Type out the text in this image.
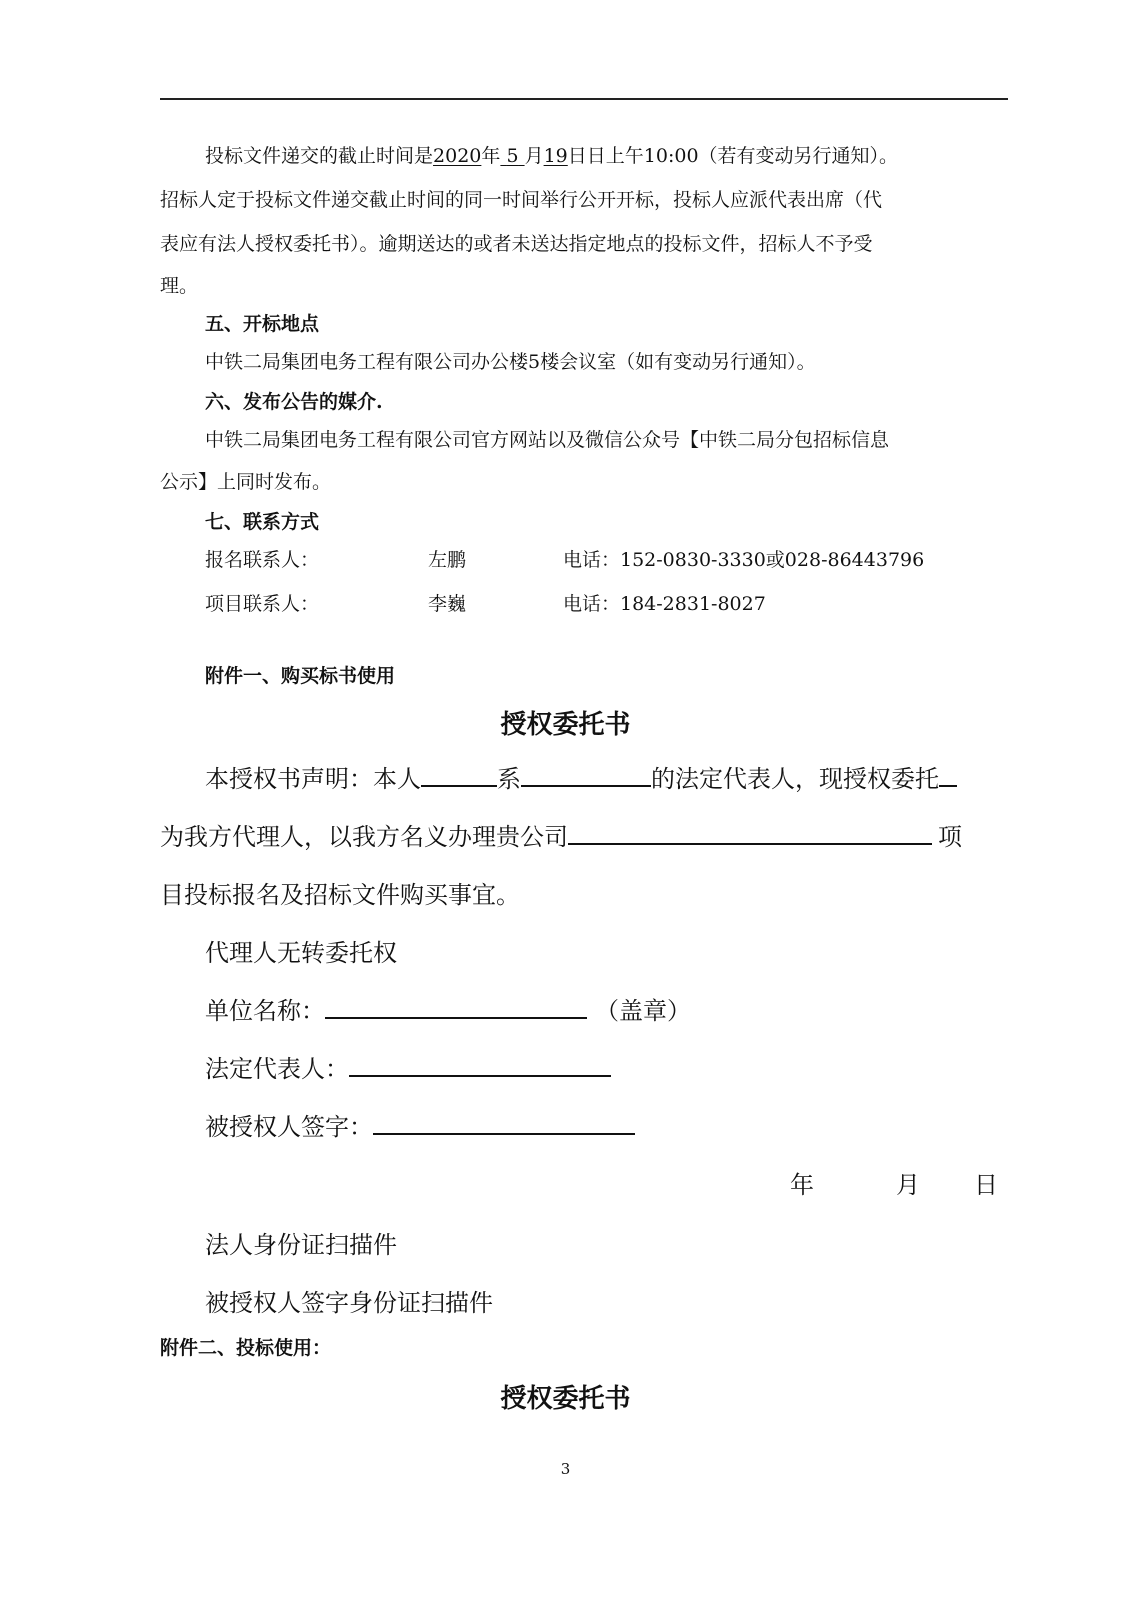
投标文件递交的截止时间是2020年 5 月19日日上午10:00（若有变动另行通知）。
招标人定于投标文件递交截止时间的同一时间举行公开开标，投标人应派代表出席（代
表应有法人授权委托书）。逾期送达的或者未送达指定地点的投标文件，招标人不予受
理。
五、开标地点
中铁二局集团电务工程有限公司办公楼5楼会议室（如有变动另行通知）。
六、发布公告的媒介.
中铁二局集团电务工程有限公司官方网站以及微信公众号【中铁二局分包招标信息
公示】上同时发布。
七、联系方式
报名联系人：	左鹏	电话：152-0830-3330或028-86443796
项目联系人：	李巍	电话：184-2831-8027
附件一、购买标书使用
授权委托书
本授权书声明：本人	系	的法定代表人，现授权委托
为我方代理人，以我方名义办理贵公司	项
目投标报名及招标文件购买事宜。
代理人无转委托权
单位名称：	（盖章）
法定代表人：
被授权人签字：
年	月 日
法人身份证扫描件
被授权人签字身份证扫描件
附件二、投标使用：
授权委托书
3
